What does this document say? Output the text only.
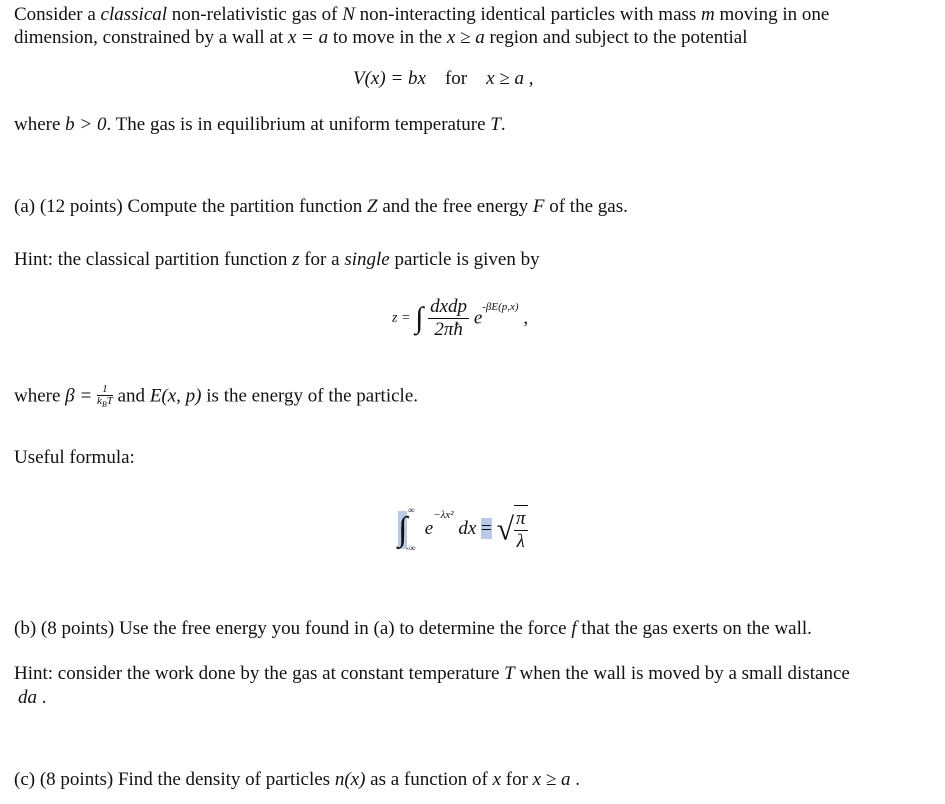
Consider a classical non-relativistic gas of N non-interacting identical particles with mass m moving in one
dimension, constrained by a wall at x = a to move in the x ≥ a region and subject to the potential
V(x) = bx for x ≥ a ,
where b > 0. The gas is in equilibrium at uniform temperature T.
(a) (12 points) Compute the partition function Z and the free energy F of the gas.
Hint: the classical partition function z for a single particle is given by
z = ∫ $\frac{\text{dxdp}}{2\pi ħ} e^{-\beta E(p,x)}$ ,
where $\beta = \frac{1}{k_BT}$ and E(x, p) is the energy of the particle.
Useful formula:
∫
∞
-∞
$e^{-\lambda x^2}$ dx = √ $\frac{\pi}{\lambda}$
(b) (8 points) Use the free energy you found in (a) to determine the force f that the gas exerts on the wall.
Hint: consider the work done by the gas at constant temperature T when the wall is moved by a small distance
da .
(c) (8 points) Find the density of particles n(x) as a function of x for x ≥ a .
